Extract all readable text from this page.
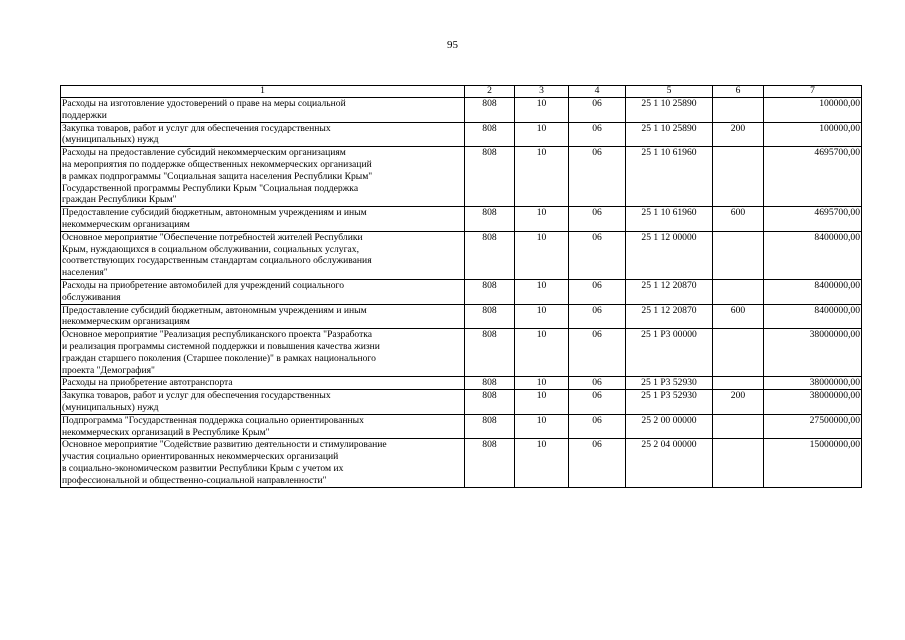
95
1	2	3	4	5	6	7

Расходы на изготовление удостоверений о праве на меры социальной
поддержки	808	10	06	25 1 10 25890		100000,00

Закупка товаров, работ и услуг для обеспечения государственных
(муниципальных) нужд	808	10	06	25 1 10 25890	200	100000,00

Расходы на предоставление субсидий некоммерческим организациям
на мероприятия по поддержке общественных некоммерческих организаций
в рамках подпрограммы "Социальная защита населения Республики Крым"
Государственной программы Республики Крым "Социальная поддержка
граждан Республики Крым"	808	10	06	25 1 10 61960		4695700,00

Предоставление субсидий бюджетным, автономным учреждениям и иным
некоммерческим организациям	808	10	06	25 1 10 61960	600	4695700,00

Основное мероприятие "Обеспечение потребностей жителей Республики
Крым, нуждающихся в социальном обслуживании, социальных услугах,
соответствующих государственным стандартам социального обслуживания
населения"	808	10	06	25 1 12 00000		8400000,00

Расходы на приобретение автомобилей для учреждений социального
обслуживания	808	10	06	25 1 12 20870		8400000,00

Предоставление субсидий бюджетным, автономным учреждениям и иным
некоммерческим организациям	808	10	06	25 1 12 20870	600	8400000,00

Основное мероприятие "Реализация республиканского проекта "Разработка
и реализация программы системной поддержки и повышения качества жизни
граждан старшего поколения (Старшее поколение)" в рамках национального
проекта "Демография"	808	10	06	25 1 P3 00000		38000000,00

Расходы на приобретение автотранспорта	808	10	06	25 1 P3 52930		38000000,00

Закупка товаров, работ и услуг для обеспечения государственных
(муниципальных) нужд	808	10	06	25 1 P3 52930	200	38000000,00

Подпрограмма "Государственная поддержка социально ориентированных
некоммерческих организаций в Республике Крым"	808	10	06	25 2 00 00000		27500000,00

Основное мероприятие "Содействие развитию деятельности и стимулирование
участия социально ориентированных некоммерческих организаций
в социально-экономическом развитии Республики Крым с учетом их
профессиональной и общественно-социальной направленности"	808	10	06	25 2 04 00000		15000000,00
